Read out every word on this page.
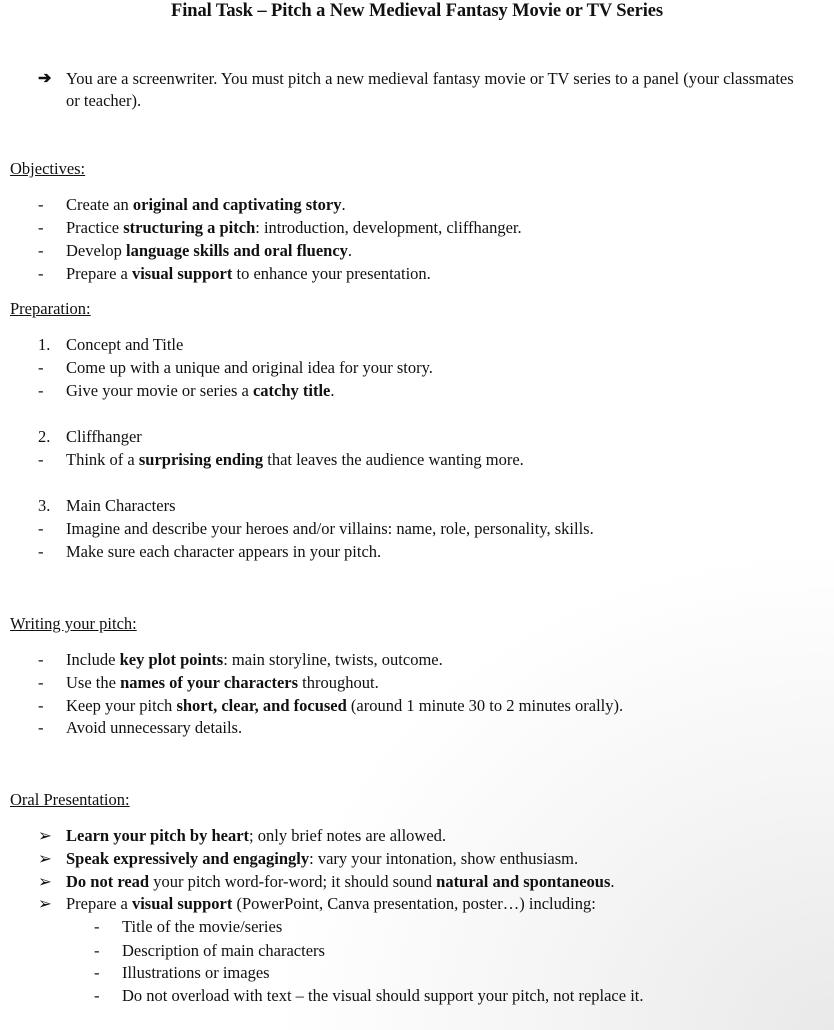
Final Task – Pitch a New Medieval Fantasy Movie or TV Series
➔ You are a screenwriter. You must pitch a new medieval fantasy movie or TV series to a panel (your classmates or teacher).
Objectives:
- Create an original and captivating story.
- Practice structuring a pitch: introduction, development, cliffhanger.
- Develop language skills and oral fluency.
- Prepare a visual support to enhance your presentation.
Preparation:
1. Concept and Title
- Come up with a unique and original idea for your story.
- Give your movie or series a catchy title.
2. Cliffhanger
- Think of a surprising ending that leaves the audience wanting more.
3. Main Characters
- Imagine and describe your heroes and/or villains: name, role, personality, skills.
- Make sure each character appears in your pitch.
Writing your pitch:
- Include key plot points: main storyline, twists, outcome.
- Use the names of your characters throughout.
- Keep your pitch short, clear, and focused (around 1 minute 30 to 2 minutes orally).
- Avoid unnecessary details.
Oral Presentation:
➢ Learn your pitch by heart; only brief notes are allowed.
➢ Speak expressively and engagingly: vary your intonation, show enthusiasm.
➢ Do not read your pitch word-for-word; it should sound natural and spontaneous.
➢ Prepare a visual support (PowerPoint, Canva presentation, poster…) including:
- Title of the movie/series
- Description of main characters
- Illustrations or images
- Do not overload with text – the visual should support your pitch, not replace it.
